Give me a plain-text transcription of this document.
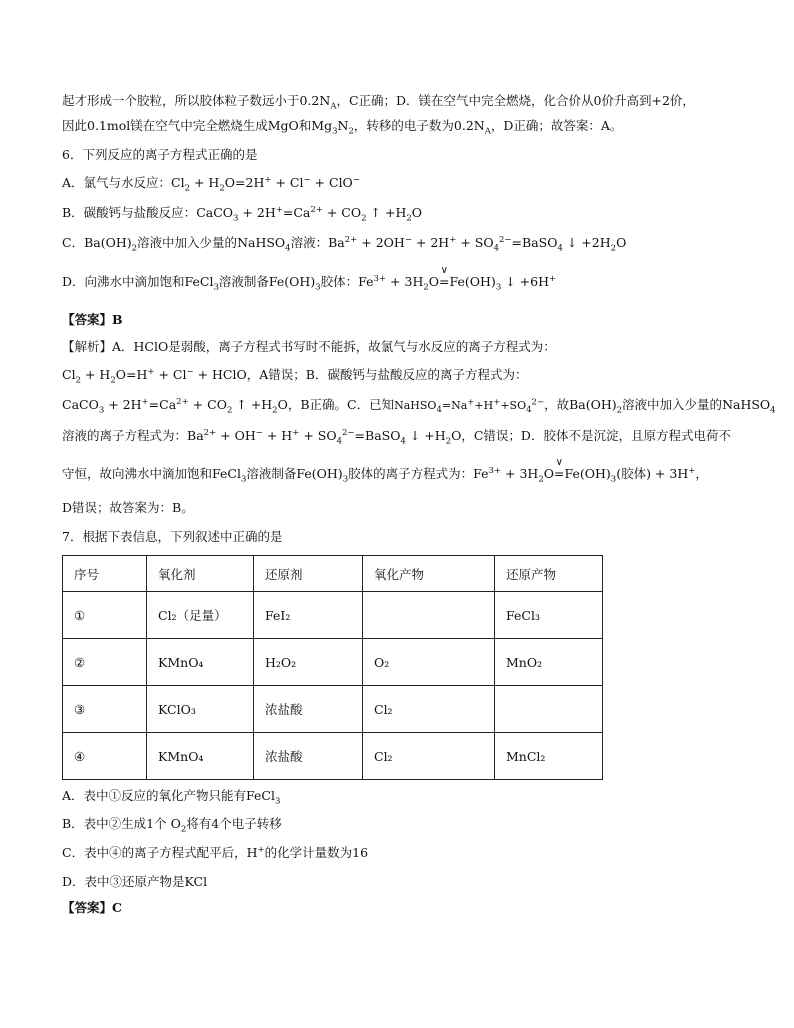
起才形成一个胶粒，所以胶体粒子数远小于$0.2N_A$，C正确；D．镁在空气中完全燃烧，化合价从0价升高到+2价，
因此0.1mol镁在空气中完全燃烧生成MgO和$Mg_3N_2$，转移的电子数为$0.2N_A$，D正确；故答案：A。
6．下列反应的离子方程式正确的是
A．氯气与水反应：$Cl_2 + H_2O=2H^+ + Cl^- + ClO^-$
B．碳酸钙与盐酸反应：CaCO$_3$ + $2H^+=Ca^{2+} + CO_2$ ↑ $+H_2O$
C．$Ba(OH)_2$溶液中加入少量的NaHSO$_4$溶液：$Ba^{2+} + 2OH^- + 2H^+$ + $SO_4^{2-}=BaSO_4$ ↓ $+2H_2O$
D．向沸水中滴加饱和FeCl$_3$溶液制备$Fe(OH)_3$胶体：$Fe^{3+} + 3H_2O=$
∨
$Fe(OH)_3$ ↓ +6H+
【答案】B
【解析】A．HClO是弱酸，离子方程式书写时不能拆，故氯气与水反应的离子方程式为：
$Cl_2 + H_2O=H^+ + Cl^-$ + HClO，A错误；B．碳酸钙与盐酸反应的离子方程式为：
CaCO$_3$ + $2H^+=Ca^{2+} + CO_2$ ↑ $+H_2O$，B正确。C．已知$NaHSO_4=Na^++H^++SO_4^{2-}$，故$Ba(OH)_2$溶液中加入少量的NaHSO$_4$
溶液的离子方程式为：$Ba^{2+} + OH^- + H^+$ + $SO_4^{2-}=BaSO_4$ ↓ $+H_2O$，C错误；D．胶体不是沉淀，且原方程式电荷不
守恒，故向沸水中滴加饱和FeCl$_3$溶液制备$Fe(OH)_3$胶体的离子方程式为：$Fe^{3+} + 3H_2O=$
∨
$Fe(OH)_3$(胶体) + 3H+，
D错误；故答案为：B。
7．根据下表信息，下列叙述中正确的是
序号	氧化剂	还原剂	氧化产物	还原产物
①	Cl₂（足量）	FeI₂		FeCl₃
②	KMnO₄	H₂O₂	O₂	MnO₂
③	KClO₃	浓盐酸	Cl₂	
④	KMnO₄	浓盐酸	Cl₂	MnCl₂
A．表中①反应的氧化产物只能有FeCl$_3$
B．表中②生成1个 $O_2$将有4个电子转移
C．表中④的离子方程式配平后，H+的化学计量数为16
D．表中③还原产物是KCl
【答案】C
